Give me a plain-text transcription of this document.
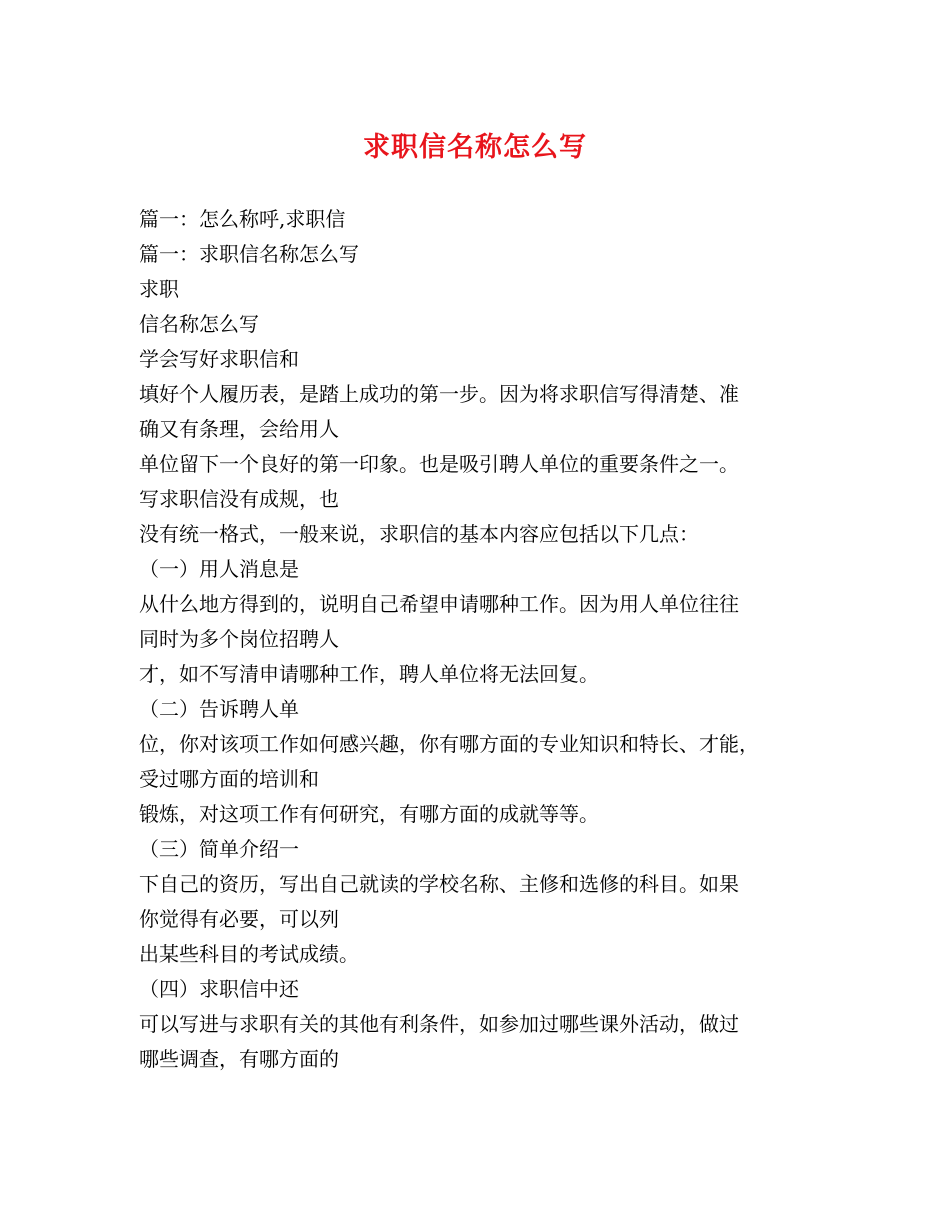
求职信名称怎么写
篇一：怎么称呼,求职信
篇一：求职信名称怎么写
求职
信名称怎么写
学会写好求职信和
填好个人履历表，是踏上成功的第一步。因为将求职信写得清楚、准
确又有条理，会给用人
单位留下一个良好的第一印象。也是吸引聘人单位的重要条件之一。
写求职信没有成规，也
没有统一格式，一般来说，求职信的基本内容应包括以下几点：
（一）用人消息是
从什么地方得到的，说明自己希望申请哪种工作。因为用人单位往往
同时为多个岗位招聘人
才，如不写清申请哪种工作，聘人单位将无法回复。
（二）告诉聘人单
位，你对该项工作如何感兴趣，你有哪方面的专业知识和特长、才能，
受过哪方面的培训和
锻炼，对这项工作有何研究，有哪方面的成就等等。
（三）简单介绍一
下自己的资历，写出自己就读的学校名称、主修和选修的科目。如果
你觉得有必要，可以列
出某些科目的考试成绩。
（四）求职信中还
可以写进与求职有关的其他有利条件，如参加过哪些课外活动，做过
哪些调查，有哪方面的
